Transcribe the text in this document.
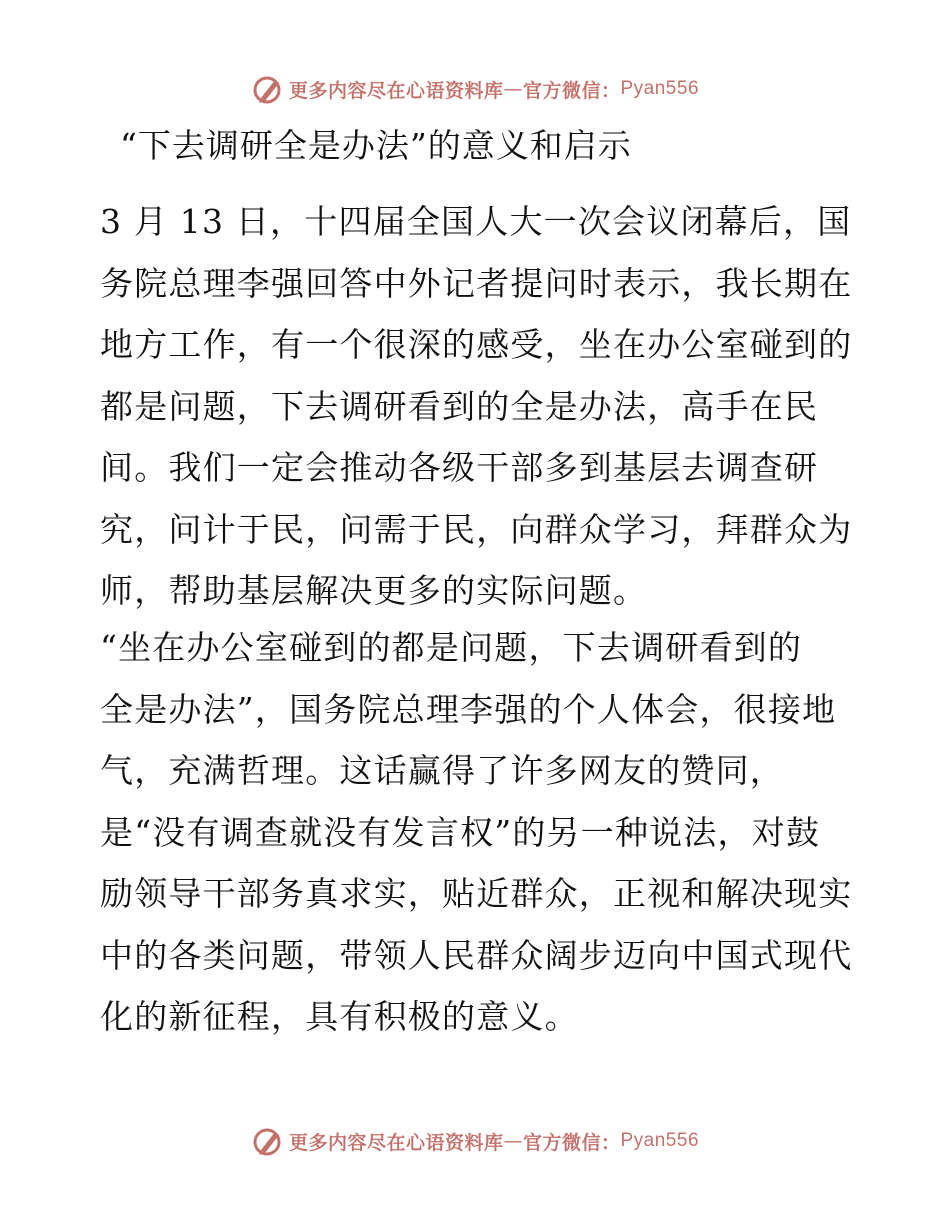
更多内容尽在心语资料库 — 官方微信： Pyan556
“下去调研全是办法”的意义和启示

3 月 13 日，十四届全国人大一次会议闭幕后，国
务院总理李强回答中外记者提问时表示，我长期在
地方工作，有一个很深的感受，坐在办公室碰到的
都是问题，下去调研看到的全是办法，高手在民
间。我们一定会推动各级干部多到基层去调查研
究，问计于民，问需于民，向群众学习，拜群众为
师，帮助基层解决更多的实际问题。

“坐在办公室碰到的都是问题，下去调研看到的
全是办法”，国务院总理李强的个人体会，很接地
气，充满哲理。这话赢得了许多网友的赞同，
是“没有调查就没有发言权”的另一种说法，对鼓
励领导干部务真求实，贴近群众，正视和解决现实
中的各类问题，带领人民群众阔步迈向中国式现代
化的新征程，具有积极的意义。

更多内容尽在心语资料库 — 官方微信： Pyan556
